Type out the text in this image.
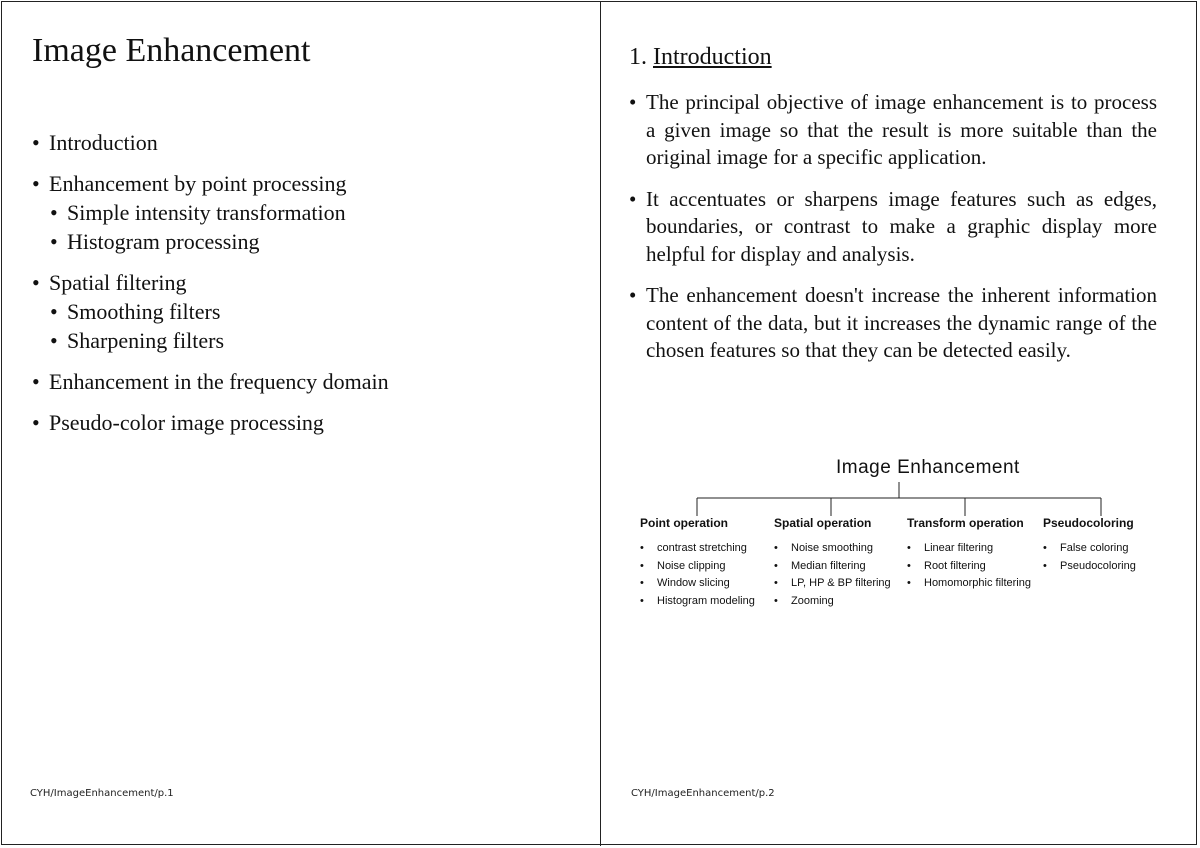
Image Enhancement
• Introduction
• Enhancement by point processing
• Simple intensity transformation
• Histogram processing
• Spatial filtering
• Smoothing filters
• Sharpening filters
• Enhancement in the frequency domain
• Pseudo-color image processing
CYH/ImageEnhancement/p.1
1. Introduction
• The principal objective of image enhancement is to process a given image so that the result is more suitable than the original image for a specific application.
• It accentuates or sharpens image features such as edges, boundaries, or contrast to make a graphic display more helpful for display and analysis.
• The enhancement doesn't increase the inherent information content of the data, but it increases the dynamic range of the chosen features so that they can be detected easily.
Image Enhancement
Point operation
•	contrast stretching
•	Noise clipping
•	Window slicing
•	Histogram modeling
Spatial operation
•	Noise smoothing
•	Median filtering
•	LP, HP & BP filtering
•	Zooming
Transform operation
•	Linear filtering
•	Root filtering
•	Homomorphic filtering
Pseudocoloring
•	False coloring
•	Pseudocoloring
CYH/ImageEnhancement/p.2
